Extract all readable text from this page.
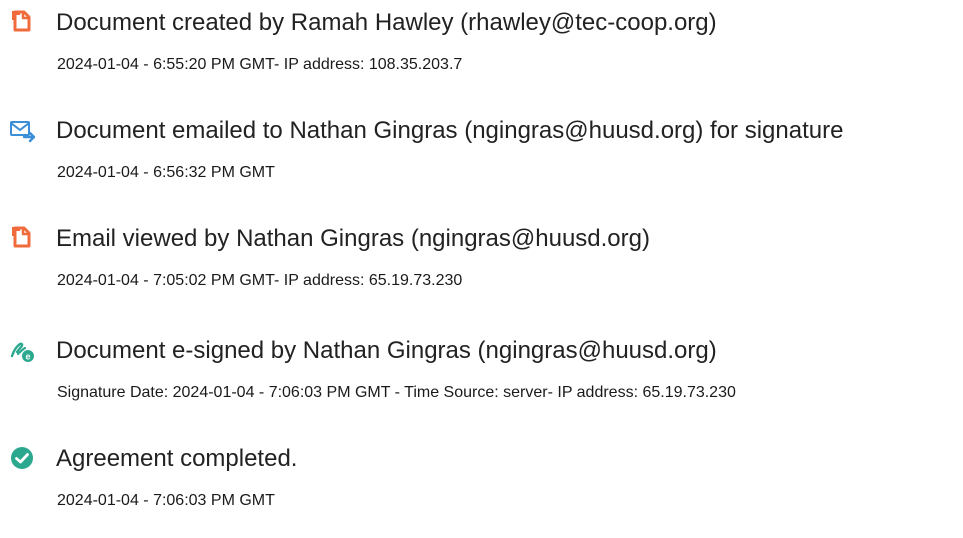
Document created by Ramah Hawley (rhawley@tec-coop.org)
2024-01-04 - 6:55:20 PM GMT- IP address: 108.35.203.7
Document emailed to Nathan Gingras (ngingras@huusd.org) for signature
2024-01-04 - 6:56:32 PM GMT
Email viewed by Nathan Gingras (ngingras@huusd.org)
2024-01-04 - 7:05:02 PM GMT- IP address: 65.19.73.230
e Document e-signed by Nathan Gingras (ngingras@huusd.org)
Signature Date: 2024-01-04 - 7:06:03 PM GMT - Time Source: server- IP address: 65.19.73.230
Agreement completed.
2024-01-04 - 7:06:03 PM GMT
